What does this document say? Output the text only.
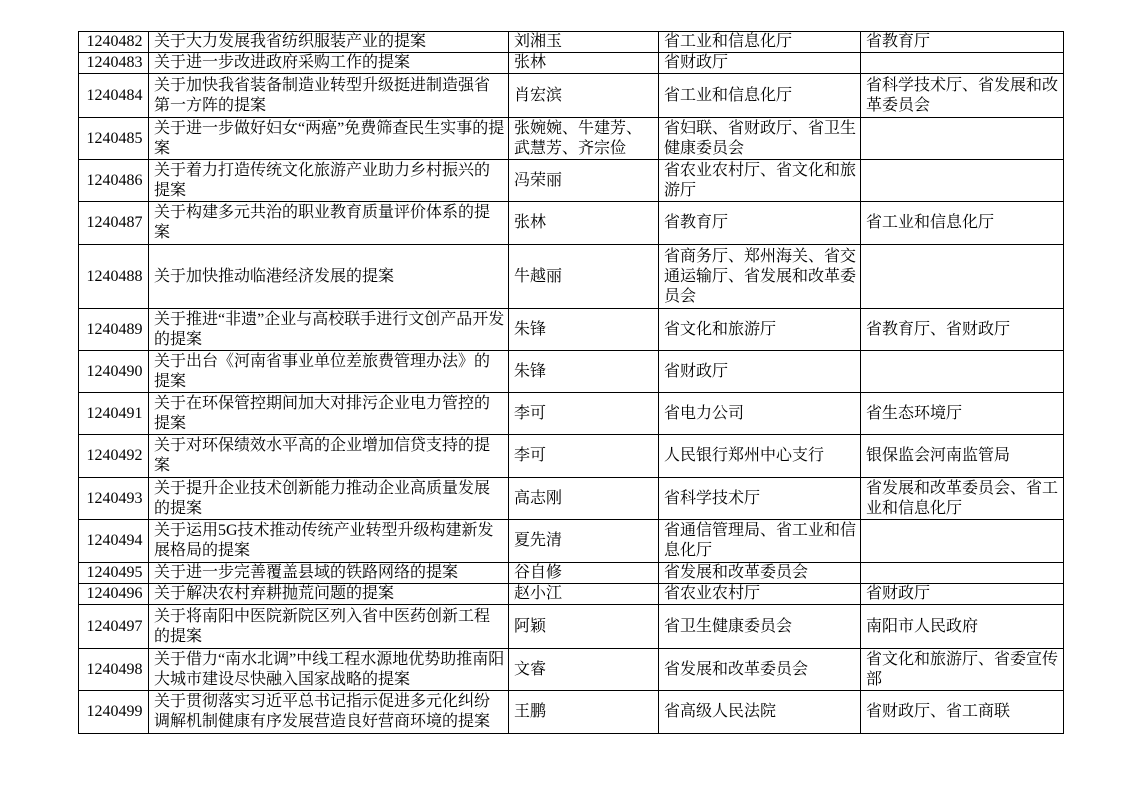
1240482	关于大力发展我省纺织服装产业的提案	刘湘玉	省工业和信息化厅	省教育厅
1240483	关于进一步改进政府采购工作的提案	张林	省财政厅	
1240484	关于加快我省装备制造业转型升级挺进制造强省第一方阵的提案	肖宏滨	省工业和信息化厅	省科学技术厅、省发展和改革委员会
1240485	关于进一步做好妇女“两癌”免费筛查民生实事的提案	张婉婉、牛建芳、武慧芳、齐宗俭	省妇联、省财政厅、省卫生健康委员会	
1240486	关于着力打造传统文化旅游产业助力乡村振兴的提案	冯荣丽	省农业农村厅、省文化和旅游厅	
1240487	关于构建多元共治的职业教育质量评价体系的提案	张林	省教育厅	省工业和信息化厅
1240488	关于加快推动临港经济发展的提案	牛越丽	省商务厅、郑州海关、省交通运输厅、省发展和改革委员会	
1240489	关于推进“非遗”企业与高校联手进行文创产品开发的提案	朱锋	省文化和旅游厅	省教育厅、省财政厅
1240490	关于出台《河南省事业单位差旅费管理办法》的提案	朱锋	省财政厅	
1240491	关于在环保管控期间加大对排污企业电力管控的提案	李可	省电力公司	省生态环境厅
1240492	关于对环保绩效水平高的企业增加信贷支持的提案	李可	人民银行郑州中心支行	银保监会河南监管局
1240493	关于提升企业技术创新能力推动企业高质量发展的提案	高志刚	省科学技术厅	省发展和改革委员会、省工业和信息化厅
1240494	关于运用5G技术推动传统产业转型升级构建新发展格局的提案	夏先清	省通信管理局、省工业和信息化厅	
1240495	关于进一步完善覆盖县域的铁路网络的提案	谷自修	省发展和改革委员会	
1240496	关于解决农村弃耕抛荒问题的提案	赵小江	省农业农村厅	省财政厅
1240497	关于将南阳中医院新院区列入省中医药创新工程的提案	阿颖	省卫生健康委员会	南阳市人民政府
1240498	关于借力“南水北调”中线工程水源地优势助推南阳大城市建设尽快融入国家战略的提案	文睿	省发展和改革委员会	省文化和旅游厅、省委宣传部
1240499	关于贯彻落实习近平总书记指示促进多元化纠纷调解机制健康有序发展营造良好营商环境的提案	王鹏	省高级人民法院	省财政厅、省工商联
